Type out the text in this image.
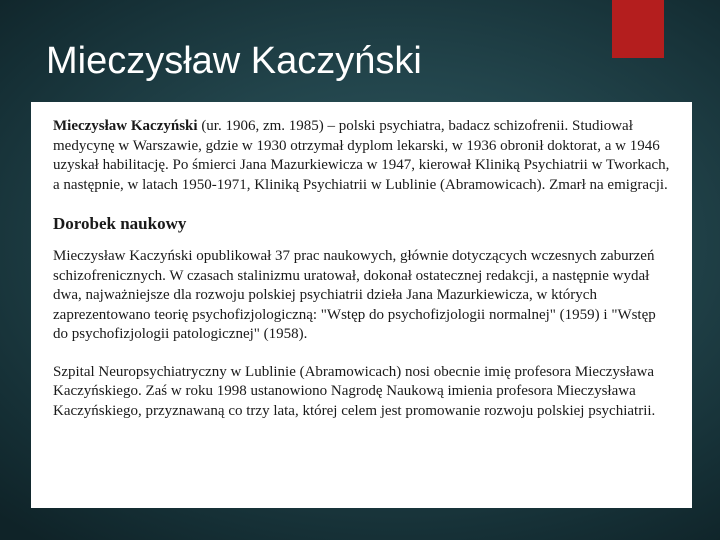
Mieczysław Kaczyński

Mieczysław Kaczyński (ur. 1906, zm. 1985) – polski psychiatra, badacz schizofrenii. Studiował medycynę w Warszawie, gdzie w 1930 otrzymał dyplom lekarski, w 1936 obronił doktorat, a w 1946 uzyskał habilitację. Po śmierci Jana Mazurkiewicza w 1947, kierował Kliniką Psychiatrii w Tworkach, a następnie, w latach 1950-1971, Kliniką Psychiatrii w Lublinie (Abramowicach). Zmarł na emigracji.

Dorobek naukowy

Mieczysław Kaczyński opublikował 37 prac naukowych, głównie dotyczących wczesnych zaburzeń schizofrenicznych. W czasach stalinizmu uratował, dokonał ostatecznej redakcji, a następnie wydał dwa, najważniejsze dla rozwoju polskiej psychiatrii dzieła Jana Mazurkiewicza, w których zaprezentowano teorię psychofizjologiczną: "Wstęp do psychofizjologii normalnej" (1959) i "Wstęp do psychofizjologii patologicznej" (1958).

Szpital Neuropsychiatryczny w Lublinie (Abramowicach) nosi obecnie imię profesora Mieczysława Kaczyńskiego. Zaś w roku 1998 ustanowiono Nagrodę Naukową imienia profesora Mieczysława Kaczyńskiego, przyznawaną co trzy lata, której celem jest promowanie rozwoju polskiej psychiatrii.
